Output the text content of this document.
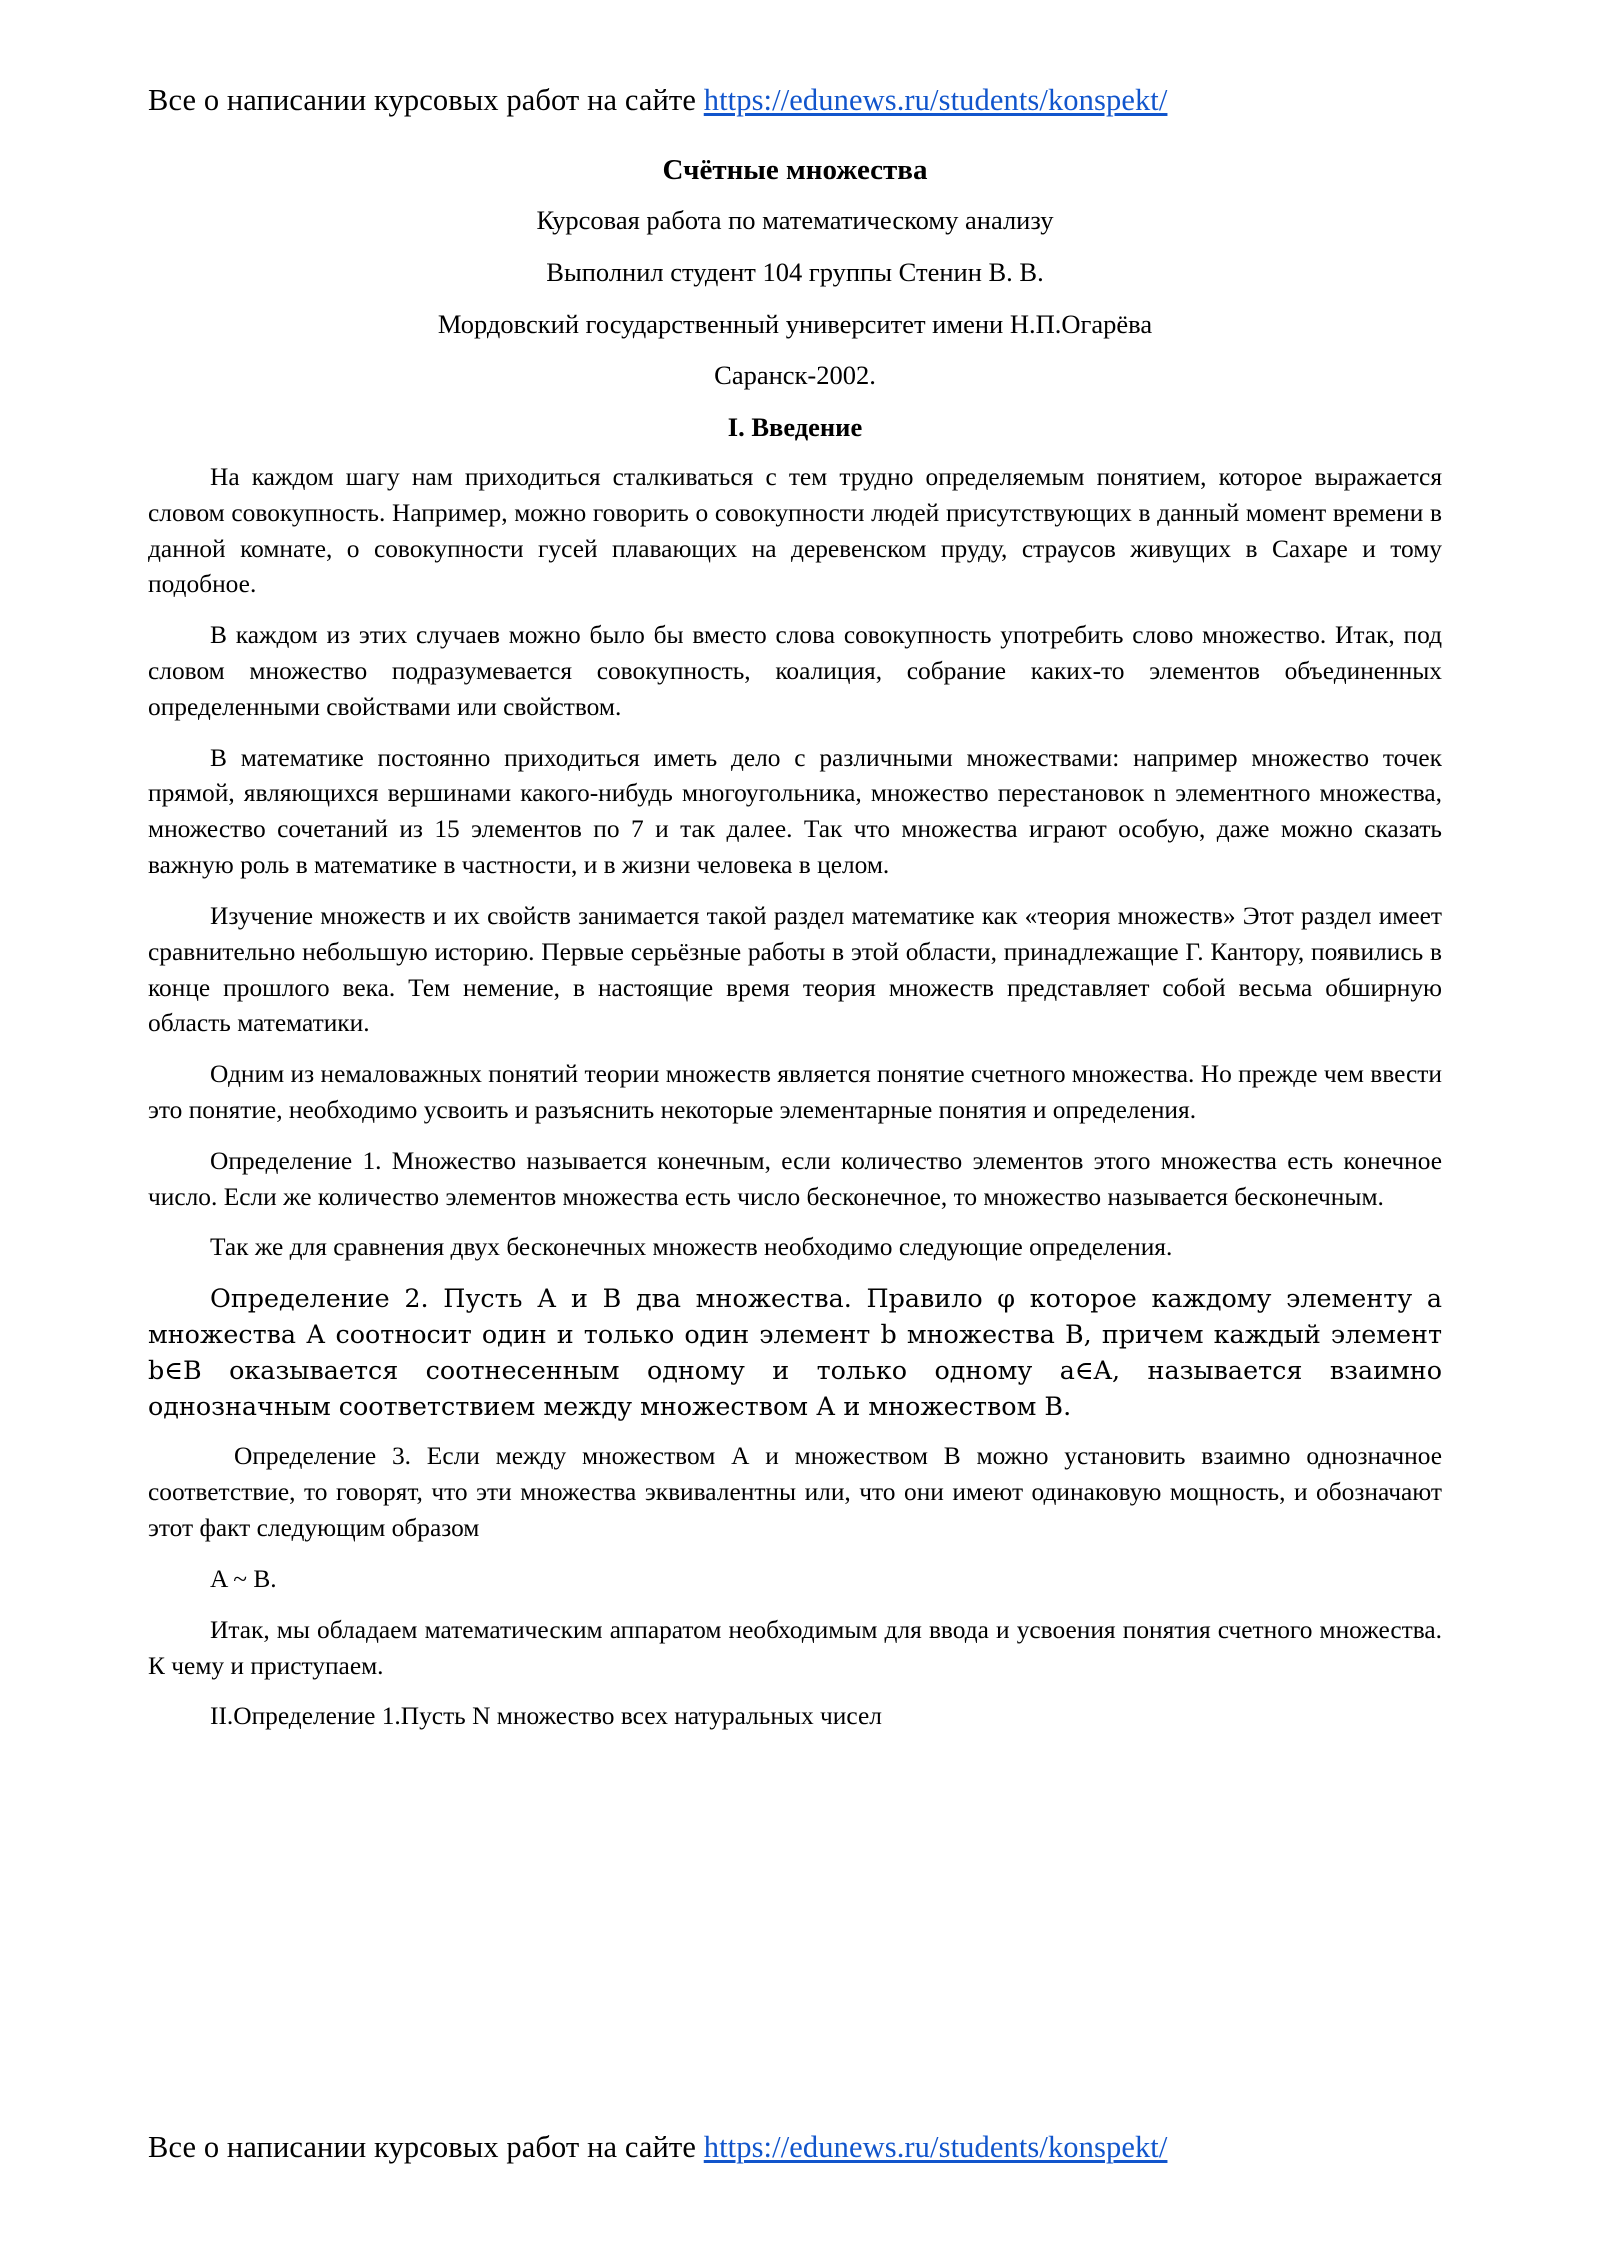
Все о написании курсовых работ на сайте https://edunews.ru/students/konspekt/
Счётные множества
Курсовая работа по математическому анализу
Выполнил студент 104 группы Стенин В. В.
Мордовский государственный университет имени Н.П.Огарёва
Саранск-2002.
I. Введение

На каждом шагу нам приходиться сталкиваться с тем трудно определяемым понятием, которое выражается словом совокупность. Например, можно говорить о совокупности людей присутствующих в данный момент времени в данной комнате, о совокупности гусей плавающих на деревенском пруду, страусов живущих в Сахаре и тому подобное.

В каждом из этих случаев можно было бы вместо слова совокупность употребить слово множество. Итак, под словом множество подразумевается совокупность, коалиция, собрание каких-то элементов объединенных определенными свойствами или свойством.

В математике постоянно приходиться иметь дело с различными множествами: например множество точек прямой, являющихся вершинами какого-нибудь многоугольника, множество перестановок n элементного множества, множество сочетаний из 15 элементов по 7 и так далее. Так что множества играют особую, даже можно сказать важную роль в математике в частности, и в жизни человека в целом.

Изучение множеств и их свойств занимается такой раздел математике как «теория множеств» Этот раздел имеет сравнительно небольшую историю. Первые серьёзные работы в этой области, принадлежащие Г. Кантору, появились в конце прошлого века. Тем немение, в настоящие время теория множеств представляет собой весьма обширную область математики.

Одним из немаловажных понятий теории множеств является понятие счетного множества. Но прежде чем ввести это понятие, необходимо усвоить и разъяснить некоторые элементарные понятия и определения.

Определение 1. Множество называется конечным, если количество элементов этого множества есть конечное число. Если же количество элементов множества есть число бесконечное, то множество называется бесконечным.

Так же для сравнения двух бесконечных множеств необходимо следующие определения.

Определение 2. Пусть А и В два множества. Правило φ которое каждому элементу a множества А соотносит один и только один элемент b множества В, причем каждый элемент b∈B оказывается соотнесенным одному и только одному a∈A, называется взаимно однозначным соответствием между множеством А и множеством В.

Определение 3. Если между множеством А и множеством В можно установить взаимно однозначное соответствие, то говорят, что эти множества эквивалентны или, что они имеют одинаковую мощность, и обозначают этот факт следующим образом

A ~ B.

Итак, мы обладаем математическим аппаратом необходимым для ввода и усвоения понятия счетного множества. К чему и приступаем.

II.Определение 1.Пусть N множество всех натуральных чисел

Все о написании курсовых работ на сайте https://edunews.ru/students/konspekt/
